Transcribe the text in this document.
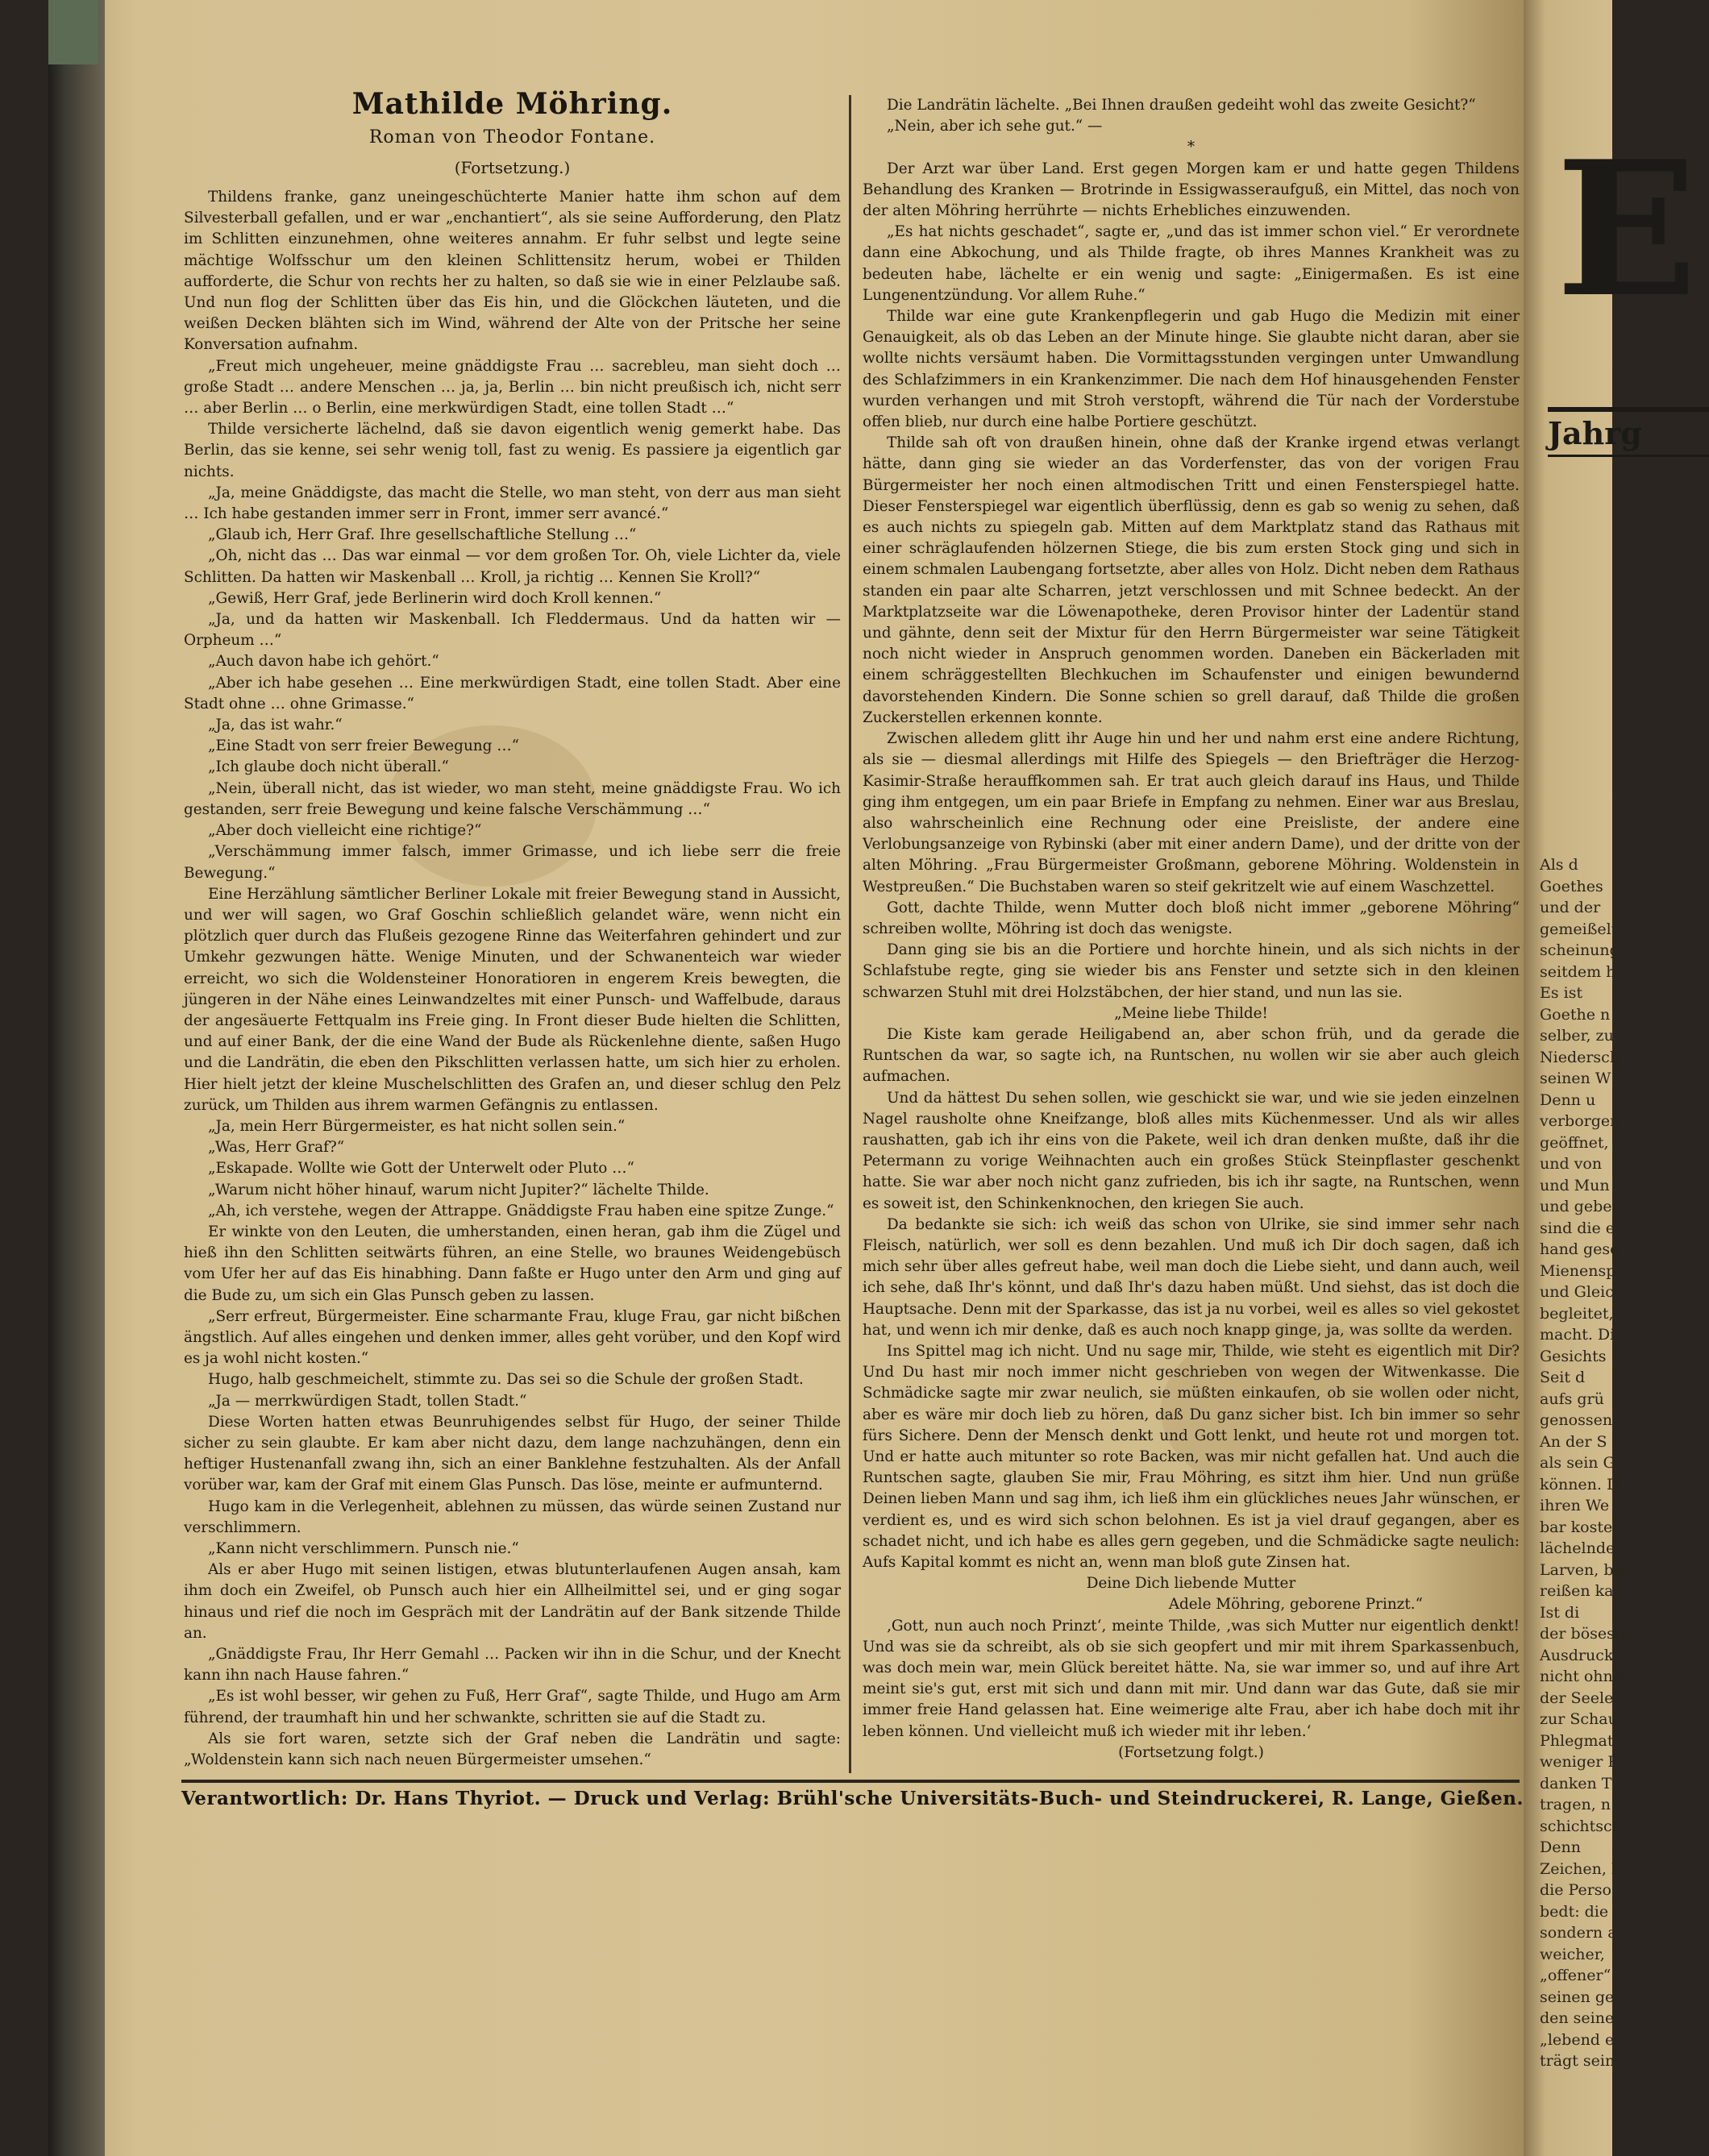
Mathilde Möhring.
Roman von Theodor Fontane.
(Fortsetzung.)

Thildens franke, ganz uneingeschüchterte Manier hatte ihm schon auf dem Silvesterball gefallen, und er war „enchantiert“, als sie seine Aufforderung, den Platz im Schlitten einzunehmen, ohne weiteres annahm. Er fuhr selbst und legte seine mächtige Wolfsschur um den kleinen Schlittensitz herum, wobei er Thilden aufforderte, die Schur von rechts her zu halten, so daß sie wie in einer Pelzlaube saß. Und nun flog der Schlitten über das Eis hin, und die Glöckchen läuteten, und die weißen Decken blähten sich im Wind, während der Alte von der Pritsche her seine Konversation aufnahm.

„Freut mich ungeheuer, meine gnäddigste Frau … sacrebleu, man sieht doch … große Stadt … andere Menschen … ja, ja, Berlin … bin nicht preußisch ich, nicht serr … aber Berlin … o Berlin, eine merkwürdigen Stadt, eine tollen Stadt …“

Thilde versicherte lächelnd, daß sie davon eigentlich wenig gemerkt habe. Das Berlin, das sie kenne, sei sehr wenig toll, fast zu wenig. Es passiere ja eigentlich gar nichts.

„Ja, meine Gnäddigste, das macht die Stelle, wo man steht, von derr aus man sieht … Ich habe gestanden immer serr in Front, immer serr avancé.“

„Glaub ich, Herr Graf. Ihre gesellschaftliche Stellung …“

„Oh, nicht das … Das war einmal — vor dem großen Tor. Oh, viele Lichter da, viele Schlitten. Da hatten wir Maskenball … Kroll, ja richtig … Kennen Sie Kroll?“

„Gewiß, Herr Graf, jede Berlinerin wird doch Kroll kennen.“

„Ja, und da hatten wir Maskenball. Ich Fleddermaus. Und da hatten wir — Orpheum …“

„Auch davon habe ich gehört.“

„Aber ich habe gesehen … Eine merkwürdigen Stadt, eine tollen Stadt. Aber eine Stadt ohne … ohne Grimasse.“

„Ja, das ist wahr.“

„Eine Stadt von serr freier Bewegung …“

„Ich glaube doch nicht überall.“

„Nein, überall nicht, das ist wieder, wo man steht, meine gnäddigste Frau. Wo ich gestanden, serr freie Bewegung und keine falsche Verschämmung …“

„Aber doch vielleicht eine richtige?“

„Verschämmung immer falsch, immer Grimasse, und ich liebe serr die freie Bewegung.“

Eine Herzählung sämtlicher Berliner Lokale mit freier Bewegung stand in Aussicht, und wer will sagen, wo Graf Goschin schließlich gelandet wäre, wenn nicht ein plötzlich quer durch das Flußeis gezogene Rinne das Weiterfahren gehindert und zur Umkehr gezwungen hätte. Wenige Minuten, und der Schwanenteich war wieder erreicht, wo sich die Woldensteiner Honoratioren in engerem Kreis bewegten, die jüngeren in der Nähe eines Leinwandzeltes mit einer Punsch- und Waffelbude, daraus der angesäuerte Fettqualm ins Freie ging. In Front dieser Bude hielten die Schlitten, und auf einer Bank, der die eine Wand der Bude als Rückenlehne diente, saßen Hugo und die Landrätin, die eben den Pikschlitten verlassen hatte, um sich hier zu erholen. Hier hielt jetzt der kleine Muschelschlitten des Grafen an, und dieser schlug den Pelz zurück, um Thilden aus ihrem warmen Gefängnis zu entlassen.

„Ja, mein Herr Bürgermeister, es hat nicht sollen sein.“

„Was, Herr Graf?“

„Eskapade. Wollte wie Gott der Unterwelt oder Pluto …“

„Warum nicht höher hinauf, warum nicht Jupiter?“ lächelte Thilde.

„Ah, ich verstehe, wegen der Attrappe. Gnäddigste Frau haben eine spitze Zunge.“

Er winkte von den Leuten, die umherstanden, einen heran, gab ihm die Zügel und hieß ihn den Schlitten seitwärts führen, an eine Stelle, wo braunes Weidengebüsch vom Ufer her auf das Eis hinabhing. Dann faßte er Hugo unter den Arm und ging auf die Bude zu, um sich ein Glas Punsch geben zu lassen.

„Serr erfreut, Bürgermeister. Eine scharmante Frau, kluge Frau, gar nicht bißchen ängstlich. Auf alles eingehen und denken immer, alles geht vorüber, und den Kopf wird es ja wohl nicht kosten.“

Hugo, halb geschmeichelt, stimmte zu. Das sei so die Schule der großen Stadt.

„Ja — merrkwürdigen Stadt, tollen Stadt.“

Diese Worten hatten etwas Beunruhigendes selbst für Hugo, der seiner Thilde sicher zu sein glaubte. Er kam aber nicht dazu, dem lange nachzuhängen, denn ein heftiger Hustenanfall zwang ihn, sich an einer Banklehne festzuhalten. Als der Anfall vorüber war, kam der Graf mit einem Glas Punsch. Das löse, meinte er aufmunternd.

Hugo kam in die Verlegenheit, ablehnen zu müssen, das würde seinen Zustand nur verschlimmern.

„Kann nicht verschlimmern. Punsch nie.“

Als er aber Hugo mit seinen listigen, etwas blutunterlaufenen Augen ansah, kam ihm doch ein Zweifel, ob Punsch auch hier ein Allheilmittel sei, und er ging sogar hinaus und rief die noch im Gespräch mit der Landrätin auf der Bank sitzende Thilde an.

„Gnäddigste Frau, Ihr Herr Gemahl … Packen wir ihn in die Schur, und der Knecht kann ihn nach Hause fahren.“

„Es ist wohl besser, wir gehen zu Fuß, Herr Graf“, sagte Thilde, und Hugo am Arm führend, der traumhaft hin und her schwankte, schritten sie auf die Stadt zu.

Als sie fort waren, setzte sich der Graf neben die Landrätin und sagte: „Woldenstein kann sich nach neuen Bürgermeister umsehen.“

Die Landrätin lächelte. „Bei Ihnen draußen gedeiht wohl das zweite Gesicht?“

„Nein, aber ich sehe gut.“ —

*

Der Arzt war über Land. Erst gegen Morgen kam er und hatte gegen Thildens Behandlung des Kranken — Brotrinde in Essigwasseraufguß, ein Mittel, das noch von der alten Möhring herrührte — nichts Erhebliches einzuwenden.

„Es hat nichts geschadet“, sagte er, „und das ist immer schon viel.“ Er verordnete dann eine Abkochung, und als Thilde fragte, ob ihres Mannes Krankheit was zu bedeuten habe, lächelte er ein wenig und sagte: „Einigermaßen. Es ist eine Lungenentzündung. Vor allem Ruhe.“

Thilde war eine gute Krankenpflegerin und gab Hugo die Medizin mit einer Genauigkeit, als ob das Leben an der Minute hinge. Sie glaubte nicht daran, aber sie wollte nichts versäumt haben. Die Vormittagsstunden vergingen unter Umwandlung des Schlafzimmers in ein Krankenzimmer. Die nach dem Hof hinausgehenden Fenster wurden verhangen und mit Stroh verstopft, während die Tür nach der Vorderstube offen blieb, nur durch eine halbe Portiere geschützt.

Thilde sah oft von draußen hinein, ohne daß der Kranke irgend etwas verlangt hätte, dann ging sie wieder an das Vorderfenster, das von der vorigen Frau Bürgermeister her noch einen altmodischen Tritt und einen Fensterspiegel hatte. Dieser Fensterspiegel war eigentlich überflüssig, denn es gab so wenig zu sehen, daß es auch nichts zu spiegeln gab. Mitten auf dem Marktplatz stand das Rathaus mit einer schräglaufenden hölzernen Stiege, die bis zum ersten Stock ging und sich in einem schmalen Laubengang fortsetzte, aber alles von Holz. Dicht neben dem Rathaus standen ein paar alte Scharren, jetzt verschlossen und mit Schnee bedeckt. An der Marktplatzseite war die Löwenapotheke, deren Provisor hinter der Ladentür stand und gähnte, denn seit der Mixtur für den Herrn Bürgermeister war seine Tätigkeit noch nicht wieder in Anspruch genommen worden. Daneben ein Bäckerladen mit einem schräggestellten Blechkuchen im Schaufenster und einigen bewundernd davorstehenden Kindern. Die Sonne schien so grell darauf, daß Thilde die großen Zuckerstellen erkennen konnte.

Zwischen alledem glitt ihr Auge hin und her und nahm erst eine andere Richtung, als sie — diesmal allerdings mit Hilfe des Spiegels — den Briefträger die Herzog-Kasimir-Straße herauffkommen sah. Er trat auch gleich darauf ins Haus, und Thilde ging ihm entgegen, um ein paar Briefe in Empfang zu nehmen. Einer war aus Breslau, also wahrscheinlich eine Rechnung oder eine Preisliste, der andere eine Verlobungsanzeige von Rybinski (aber mit einer andern Dame), und der dritte von der alten Möhring. „Frau Bürgermeister Großmann, geborene Möhring. Woldenstein in Westpreußen.“ Die Buchstaben waren so steif gekritzelt wie auf einem Waschzettel.

Gott, dachte Thilde, wenn Mutter doch bloß nicht immer „geborene Möhring“ schreiben wollte, Möhring ist doch das wenigste.

Dann ging sie bis an die Portiere und horchte hinein, und als sich nichts in der Schlafstube regte, ging sie wieder bis ans Fenster und setzte sich in den kleinen schwarzen Stuhl mit drei Holzstäbchen, der hier stand, und nun las sie.

„Meine liebe Thilde!

Die Kiste kam gerade Heiligabend an, aber schon früh, und da gerade die Runtschen da war, so sagte ich, na Runtschen, nu wollen wir sie aber auch gleich aufmachen.

Und da hättest Du sehen sollen, wie geschickt sie war, und wie sie jeden einzelnen Nagel rausholte ohne Kneifzange, bloß alles mits Küchenmesser. Und als wir alles raushatten, gab ich ihr eins von die Pakete, weil ich dran denken mußte, daß ihr die Petermann zu vorige Weihnachten auch ein großes Stück Steinpflaster geschenkt hatte. Sie war aber noch nicht ganz zufrieden, bis ich ihr sagte, na Runtschen, wenn es soweit ist, den Schinkenknochen, den kriegen Sie auch.

Da bedankte sie sich: ich weiß das schon von Ulrike, sie sind immer sehr nach Fleisch, natürlich, wer soll es denn bezahlen. Und muß ich Dir doch sagen, daß ich mich sehr über alles gefreut habe, weil man doch die Liebe sieht, und dann auch, weil ich sehe, daß Ihr's könnt, und daß Ihr's dazu haben müßt. Und siehst, das ist doch die Hauptsache. Denn mit der Sparkasse, das ist ja nu vorbei, weil es alles so viel gekostet hat, und wenn ich mir denke, daß es auch noch knapp ginge, ja, was sollte da werden.

Ins Spittel mag ich nicht. Und nu sage mir, Thilde, wie steht es eigentlich mit Dir? Und Du hast mir noch immer nicht geschrieben von wegen der Witwenkasse. Die Schmädicke sagte mir zwar neulich, sie müßten einkaufen, ob sie wollen oder nicht, aber es wäre mir doch lieb zu hören, daß Du ganz sicher bist. Ich bin immer so sehr fürs Sichere. Denn der Mensch denkt und Gott lenkt, und heute rot und morgen tot. Und er hatte auch mitunter so rote Backen, was mir nicht gefallen hat. Und auch die Runtschen sagte, glauben Sie mir, Frau Möhring, es sitzt ihm hier. Und nun grüße Deinen lieben Mann und sag ihm, ich ließ ihm ein glückliches neues Jahr wünschen, er verdient es, und es wird sich schon belohnen. Es ist ja viel drauf gegangen, aber es schadet nicht, und ich habe es alles gern gegeben, und die Schmädicke sagte neulich: Aufs Kapital kommt es nicht an, wenn man bloß gute Zinsen hat.

Deine Dich liebende Mutter

Adele Möhring, geborene Prinzt.“

‚Gott, nun auch noch Prinzt‘, meinte Thilde, ‚was sich Mutter nur eigentlich denkt! Und was sie da schreibt, als ob sie sich geopfert und mir mit ihrem Sparkassenbuch, was doch mein war, mein Glück bereitet hätte. Na, sie war immer so, und auf ihre Art meint sie's gut, erst mit sich und dann mit mir. Und dann war das Gute, daß sie mir immer freie Hand gelassen hat. Eine weimerige alte Frau, aber ich habe doch mit ihr leben können. Und vielleicht muß ich wieder mit ihr leben.‘

(Fortsetzung folgt.)

Verantwortlich: Dr. Hans Thyriot. — Druck und Verlag: Brühl'sche Universitäts-Buch- und Steindruckerei, R. Lange, Gießen.
E
Jahrg
Als d
Goethes
und der
gemeißelt
scheinung
seitdem h
Es ist
Goethe n
selber, zu
Niedersch
seinen W
Denn u
verborgen
geöffnet,
und von
und Mun
und geben
sind die e
hand gese
Mienenspi
und Gleic
begleitet,
macht. Di
Gesichts
Seit d
aufs grü
genossen
An der S
als sein G
können. D
ihren We
bar kosten
lächelnde
Larven, be
reißen kan
Ist di
der böseste
Ausdruck
nicht ohne
der Seele
zur Schau
Phlegmat
weniger P
danken T
tragen, n
schichtsch
Denn
Zeichen, k
die Perso
bedt: die
sondern a
weicher,
„offener“
seinen ge
den seine
„lebend e
trägt sein
